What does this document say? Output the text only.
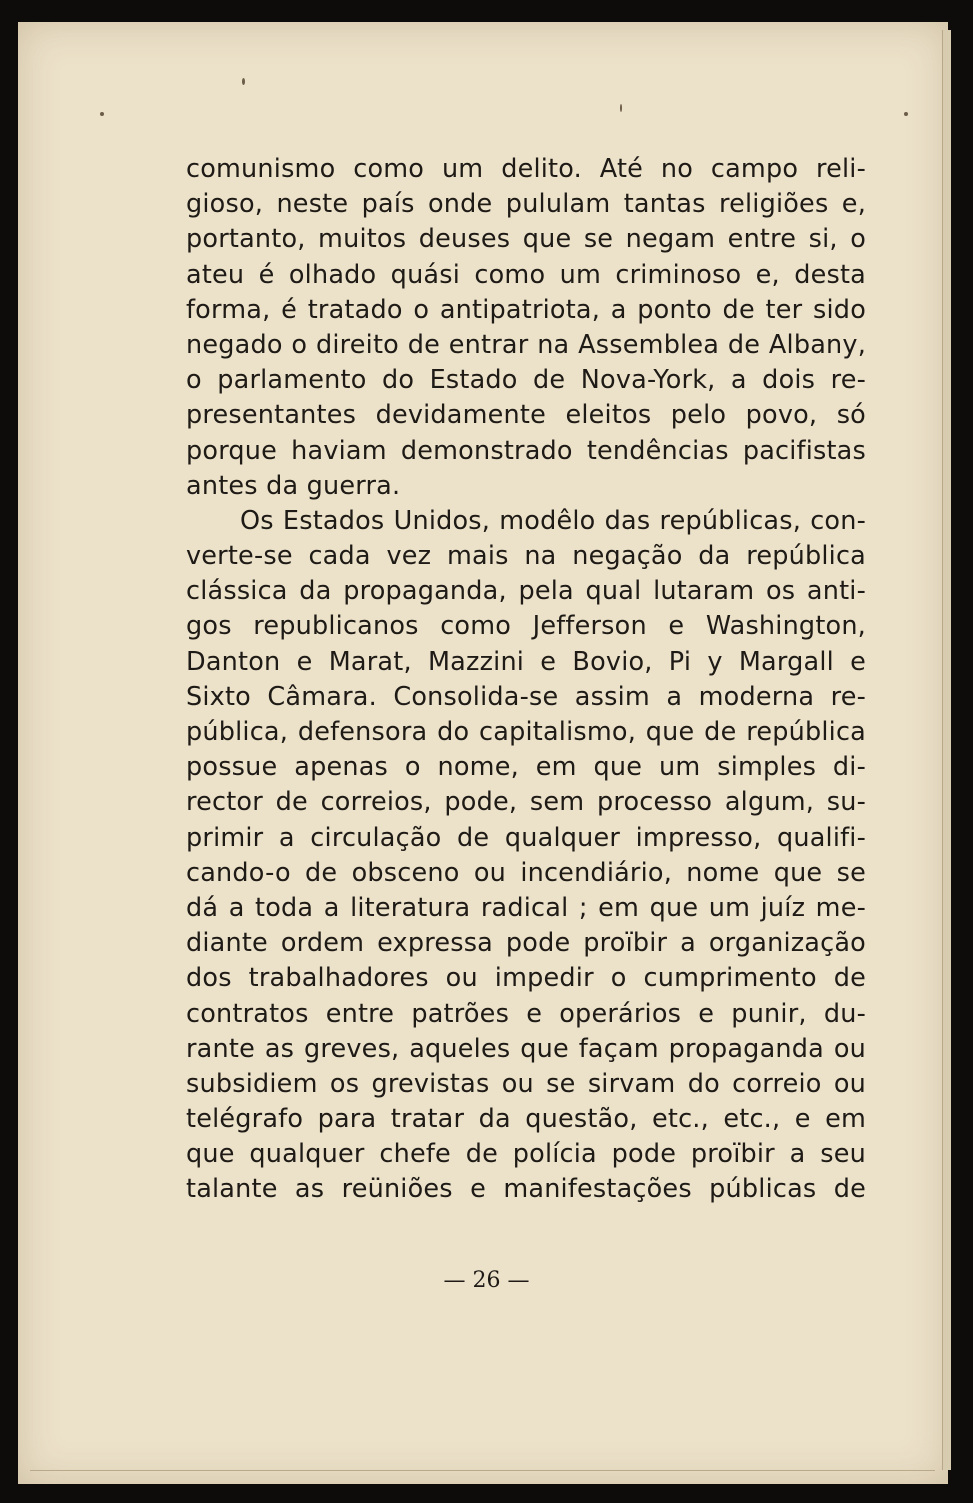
comunismo como um delito. Até no campo reli-
gioso, neste país onde pululam tantas religiões e,
portanto, muitos deuses que se negam entre si, o
ateu é olhado quási como um criminoso e, desta
forma, é tratado o antipatriota, a ponto de ter sido
negado o direito de entrar na Assemblea de Albany,
o parlamento do Estado de Nova-York, a dois re-
presentantes devidamente eleitos pelo povo, só
porque haviam demonstrado tendências pacifistas
antes da guerra.
Os Estados Unidos, modêlo das repúblicas, con-
verte-se cada vez mais na negação da república
clássica da propaganda, pela qual lutaram os anti-
gos republicanos como Jefferson e Washington,
Danton e Marat, Mazzini e Bovio, Pi y Margall e
Sixto Câmara. Consolida-se assim a moderna re-
pública, defensora do capitalismo, que de república
possue apenas o nome, em que um simples di-
rector de correios, pode, sem processo algum, su-
primir a circulação de qualquer impresso, qualifi-
cando-o de obsceno ou incendiário, nome que se
dá a toda a literatura radical ; em que um juíz me-
diante ordem expressa pode proïbir a organização
dos trabalhadores ou impedir o cumprimento de
contratos entre patrões e operários e punir, du-
rante as greves, aqueles que façam propaganda ou
subsidiem os grevistas ou se sirvam do correio ou
telégrafo para tratar da questão, etc., etc., e em
que qualquer chefe de polícia pode proïbir a seu
talante as reüniões e manifestações públicas de
— 26 —
